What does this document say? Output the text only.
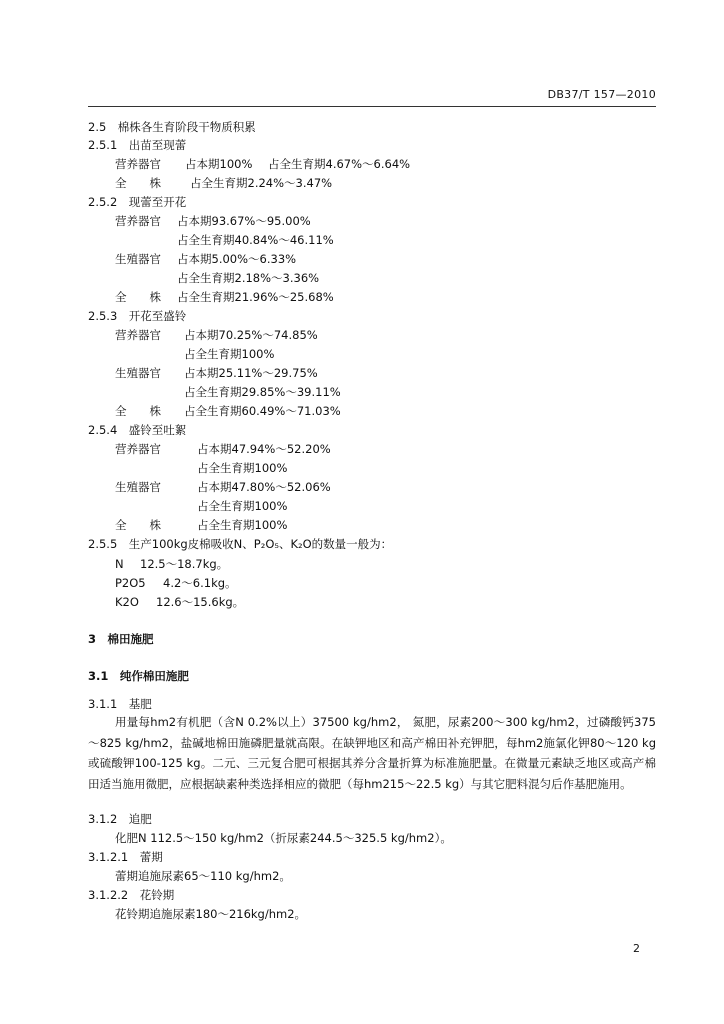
DB37/T 157—2010
2.5　棉株各生育阶段干物质积累
2.5.1　出苗至现蕾
营养器官 占本期100% 占全生育期4.67%～6.64%
全　　株	占全生育期2.24%～3.47%
2.5.2　现蕾至开花
营养器官 占本期93.67%～95.00%
占全生育期40.84%～46.11%
生殖器官 占本期5.00%～6.33%
占全生育期2.18%～3.36%
全　　株 占全生育期21.96%～25.68%
2.5.3　开花至盛铃
营养器官 占本期70.25%～74.85%
占全生育期100%
生殖器官 占本期25.11%～29.75%
占全生育期29.85%～39.11%
全　　株 占全生育期60.49%～71.03%
2.5.4　盛铃至吐絮
营养器官	占本期47.94%～52.20%
占全生育期100%
生殖器官	占本期47.80%～52.06%
占全生育期100%
全　　株	占全生育期100%
2.5.5　生产100kg皮棉吸收N、P₂O₅、K₂O的数量一般为：
N 12.5～18.7kg。
P2O5 4.2～6.1kg。
K2O 12.6～15.6kg。
3　棉田施肥
3.1　纯作棉田施肥
3.1.1　基肥
用量每hm2有机肥（含N 0.2%以上）37500 kg/hm2， 氮肥，尿素200～300 kg/hm2，过磷酸钙375～825 kg/hm2，盐碱地棉田施磷肥量就高限。在缺钾地区和高产棉田补充钾肥，每hm2施氯化钾80～120 kg或硫酸钾100-125 kg。二元、三元复合肥可根据其养分含量折算为标准施肥量。在微量元素缺乏地区或高产棉田适当施用微肥，应根据缺素种类选择相应的微肥（每hm215～22.5 kg）与其它肥料混匀后作基肥施用。
3.1.2　追肥
化肥N 112.5～150 kg/hm2（折尿素244.5～325.5 kg/hm2）。
3.1.2.1　蕾期
蕾期追施尿素65～110 kg/hm2。
3.1.2.2　花铃期
花铃期追施尿素180～216kg/hm2。
2
